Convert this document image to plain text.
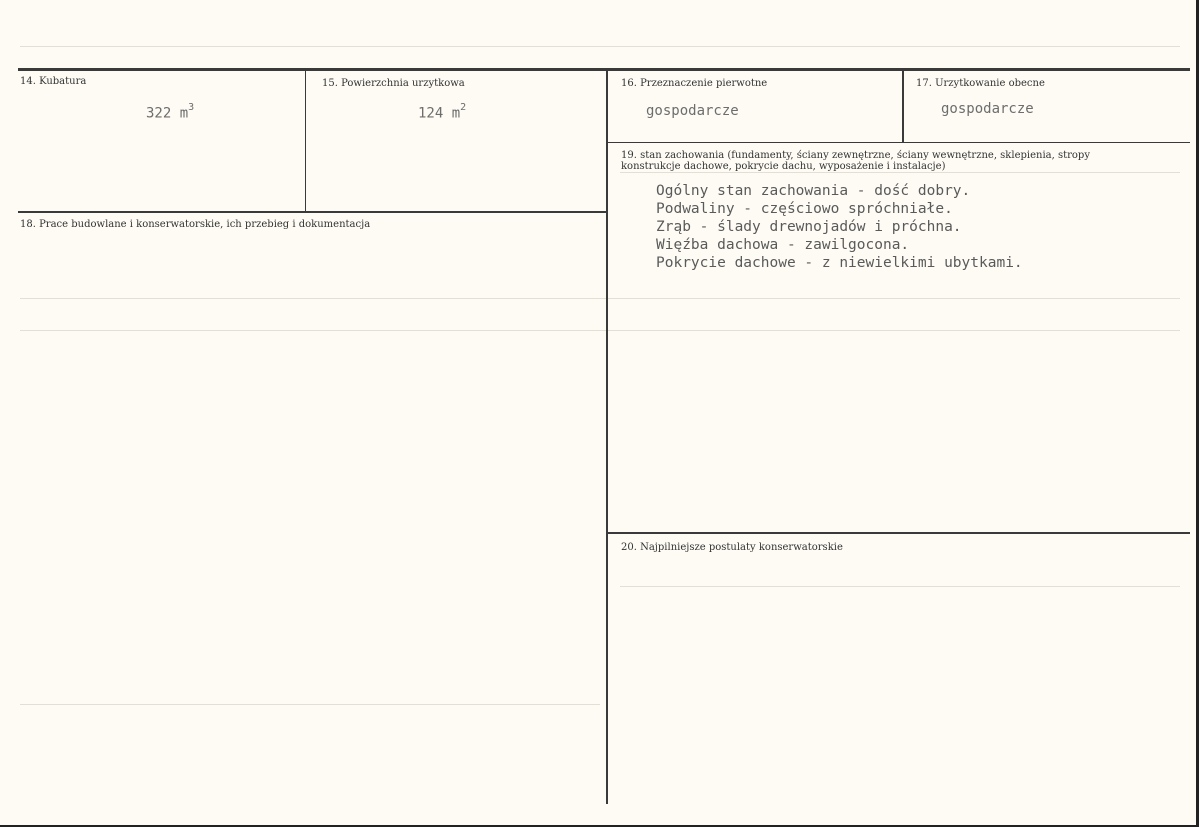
14. Kubatura
322 $m^3$
15. Powierzchnia urzytkowa
124 $m^2$
16. Przeznaczenie pierwotne
gospodarcze
17. Urzytkowanie obecne
gospodarcze
18. Prace budowlane i konserwatorskie, ich przebieg i dokumentacja
19. stan zachowania (fundamenty, ściany zewnętrzne, ściany wewnętrzne, sklepienia, stropy
konstrukcje dachowe, pokrycie dachu, wyposażenie i instalacje)
Ogólny stan zachowania - dość dobry.
Podwaliny - częściowo spróchniałe.
Zrąb - ślady drewnojadów i próchna.
Więźba dachowa - zawilgocona.
Pokrycie dachowe - z niewielkimi ubytkami.
20. Najpilniejsze postulaty konserwatorskie
